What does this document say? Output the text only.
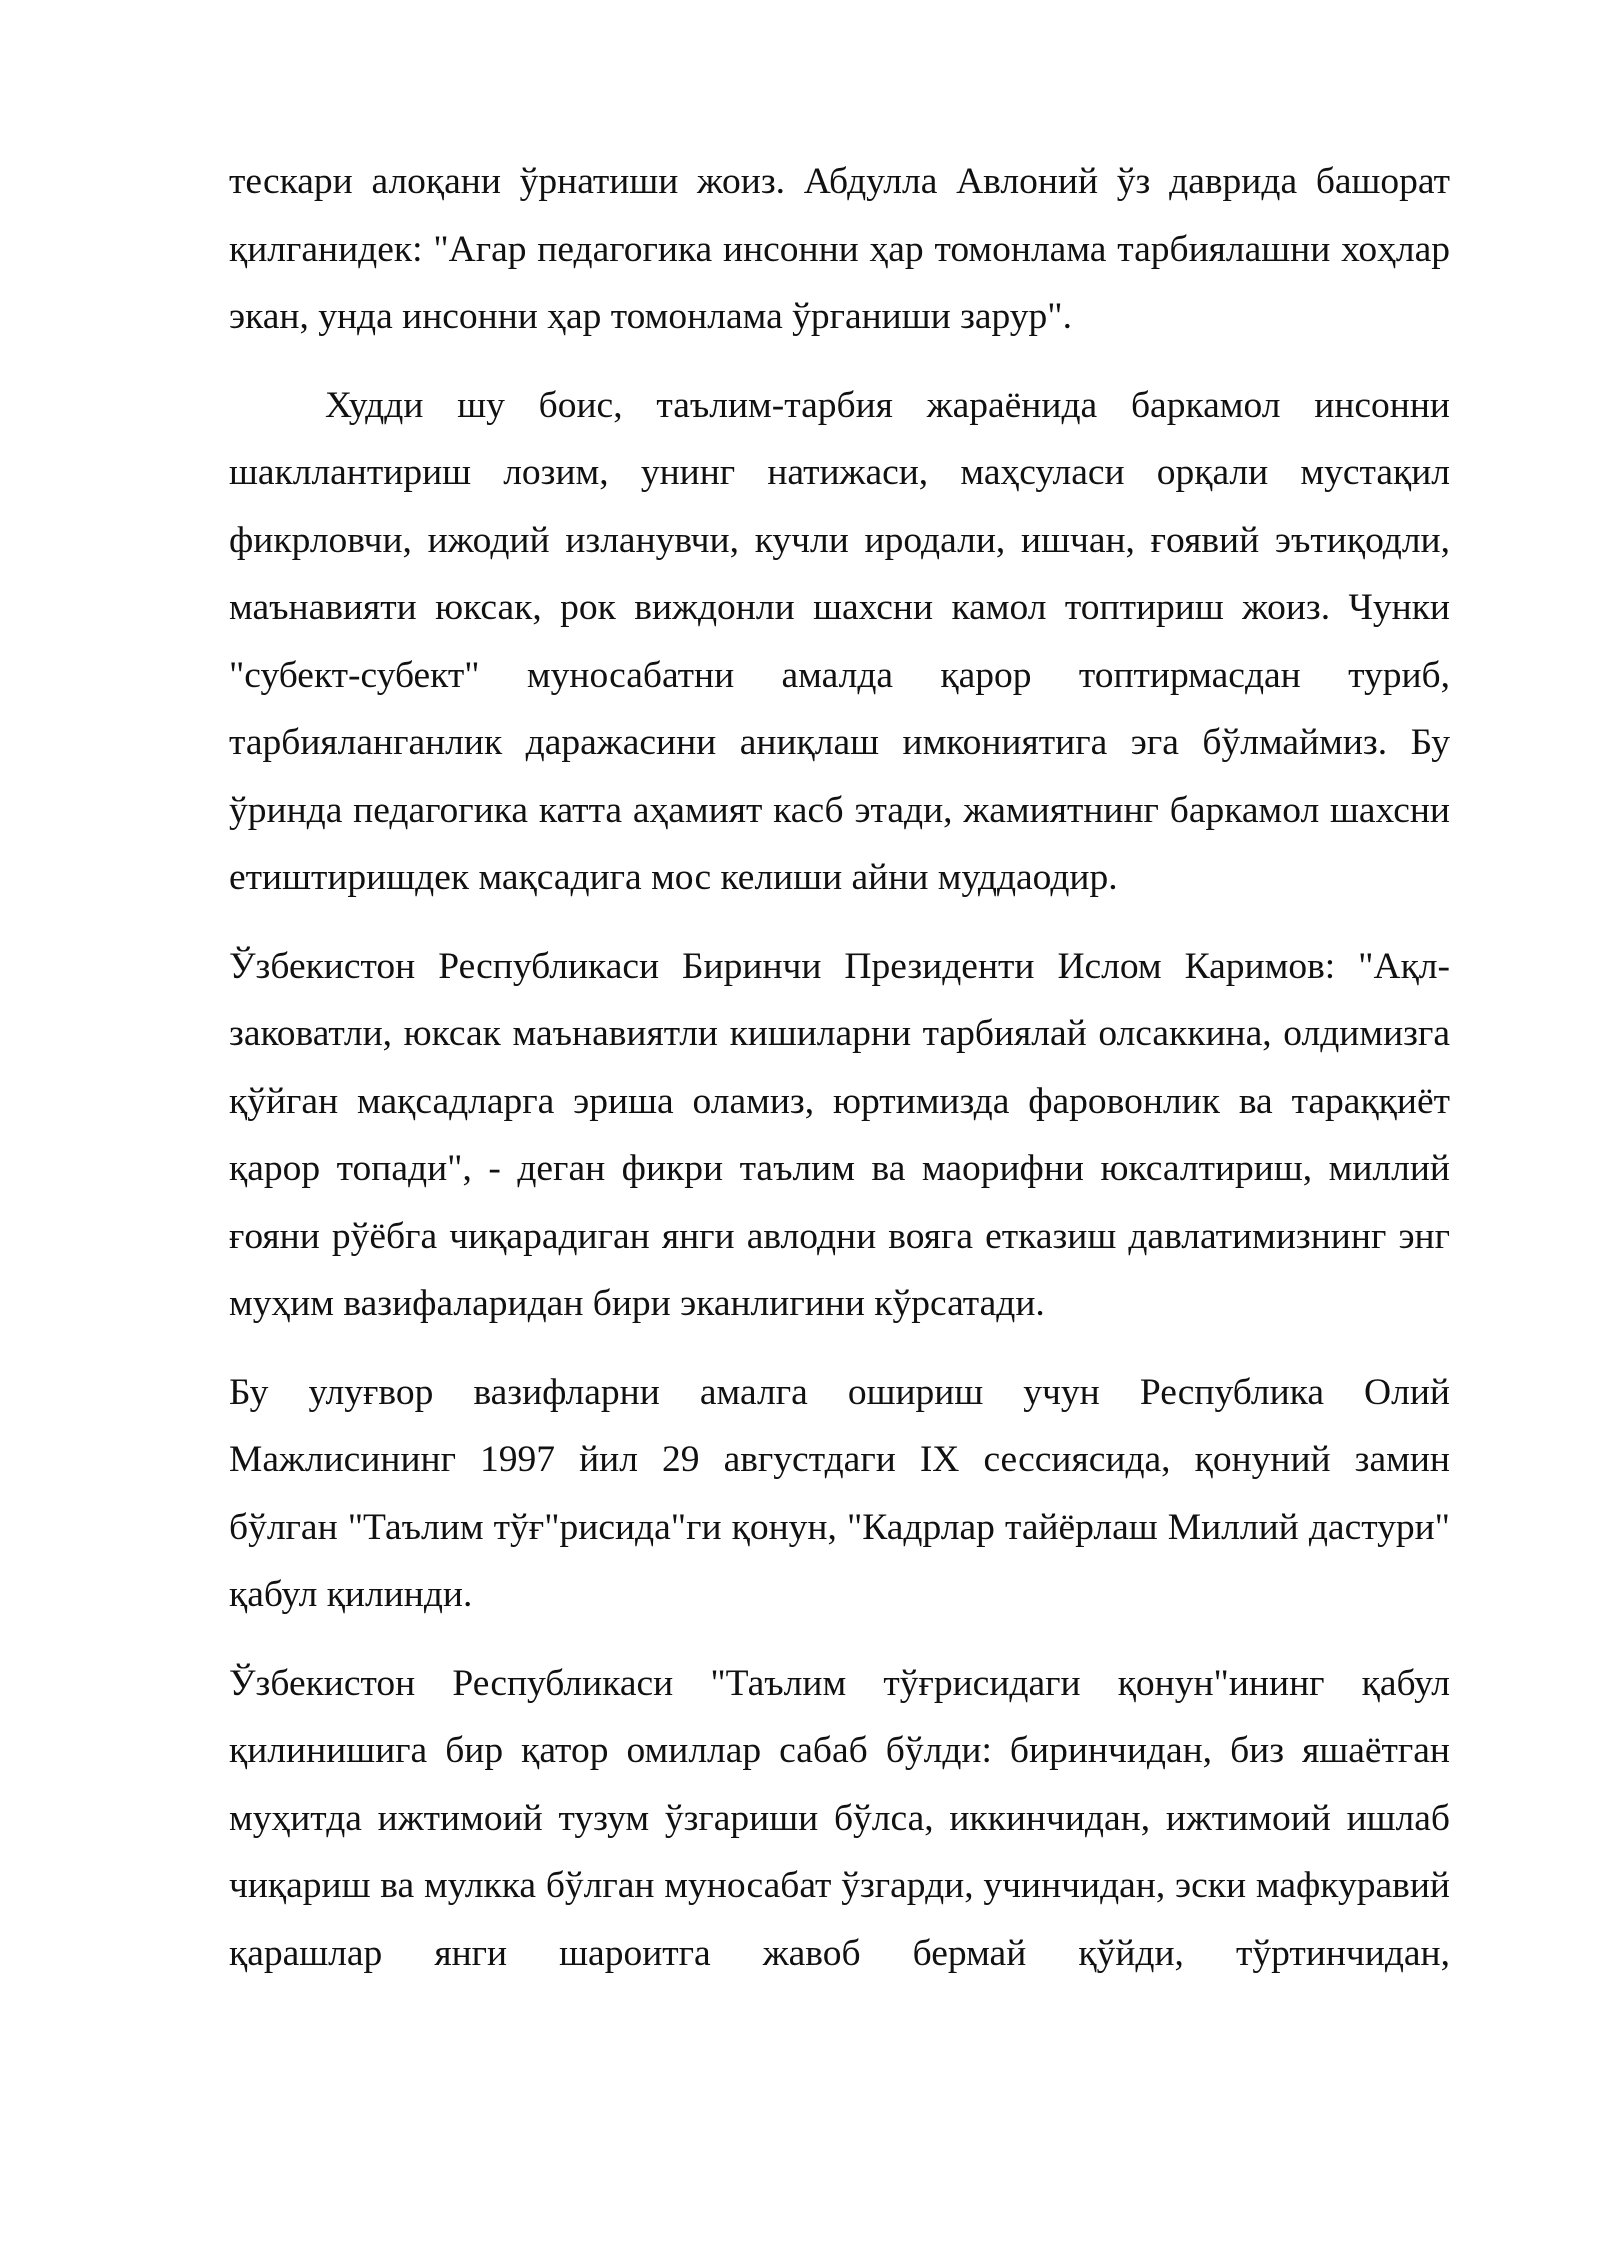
тескари алоқани ўрнатиши жоиз. Абдулла Авлоний ўз даврида башорат қилганидек: "Агар педагогика инсонни ҳар томонлама тарбиялашни хоҳлар экан, унда инсонни ҳар томонлама ўрганиши зарур".

Худди шу боис, таълим-тарбия жараёнида баркамол инсонни шакллантириш лозим, унинг натижаси, маҳсуласи орқали мустақил фикрловчи, ижодий изланувчи, кучли иродали, ишчан, ғоявий эътиқодли, маънавияти юксак, рок виждонли шахсни камол топтириш жоиз. Чунки "субект-субект" муносабатни амалда қарор топтирмасдан туриб, тарбияланганлик даражасини аниқлаш имкониятига эга бўлмаймиз. Бу ўринда педагогика катта аҳамият касб этади, жамиятнинг баркамол шахсни етиштиришдек мақсадига мос келиши айни муддаодир.

Ўзбекистон Республикаси Биринчи Президенти Ислом Каримов: "Ақл-заковатли, юксак маънавиятли кишиларни тарбиялай олсаккина, олдимизга қўйган мақсадларга эриша оламиз, юртимизда фаровонлик ва тараққиёт қарор топади", - деган фикри таълим ва маорифни юксалтириш, миллий ғояни рўёбга чиқарадиган янги авлодни вояга етказиш давлатимизнинг энг муҳим вазифаларидан бири эканлигини кўрсатади.

Бу улуғвор вазифларни амалга ошириш учун Республика Олий Мажлисининг 1997 йил 29 августдаги IХ сессиясида, қонуний замин бўлган "Таълим тўғ"рисида"ги қонун, "Кадрлар тайёрлаш Миллий дастури" қабул қилинди.

Ўзбекистон Республикаси "Таълим тўғрисидаги қонун"ининг қабул қилинишига бир қатор омиллар сабаб бўлди: биринчидан, биз яшаётган муҳитда ижтимоий тузум ўзгариши бўлса, иккинчидан, ижтимоий ишлаб чиқариш ва мулкка бўлган муносабат ўзгарди, учинчидан, эски мафкуравий қарашлар янги шароитга жавоб бермай қўйди, тўртинчидан,
